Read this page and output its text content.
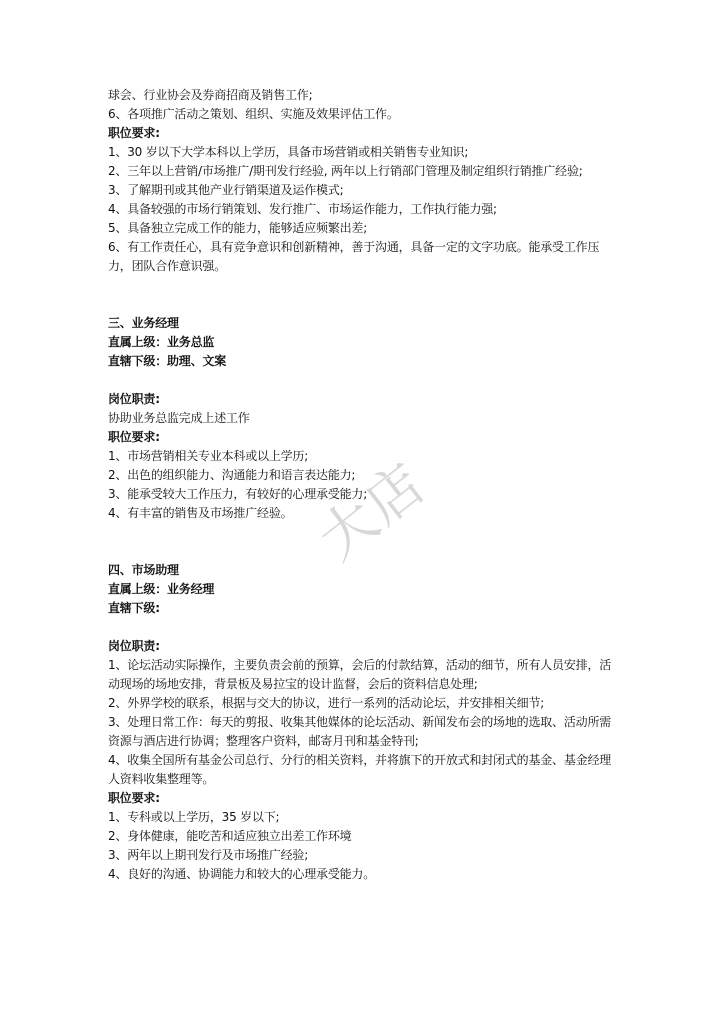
球会、行业协会及券商招商及销售工作;
6、各项推广活动之策划、组织、实施及效果评估工作。
职位要求:
1、30 岁以下大学本科以上学历，具备市场营销或相关销售专业知识;
2、三年以上营销/市场推广/期刊发行经验, 两年以上行销部门管理及制定组织行销推广经验;
3、了解期刊或其他产业行销渠道及运作模式;
4、具备较强的市场行销策划、发行推广、市场运作能力，工作执行能力强;
5、具备独立完成工作的能力，能够适应频繁出差;
6、有工作责任心，具有竞争意识和创新精神，善于沟通，具备一定的文字功底。能承受工作压力，团队合作意识强。
三、业务经理
直属上级：业务总监
直辖下级：助理、文案
岗位职责:
协助业务总监完成上述工作
职位要求:
1、市场营销相关专业本科或以上学历;
2、出色的组织能力、沟通能力和语言表达能力;
3、能承受较大工作压力，有较好的心理承受能力;
4、有丰富的销售及市场推广经验。
四、市场助理
直属上级：业务经理
直辖下级:
岗位职责:
1、论坛活动实际操作，主要负责会前的预算，会后的付款结算，活动的细节，所有人员安排，活动现场的场地安排，背景板及易拉宝的设计监督，会后的资料信息处理;
2、外界学校的联系，根据与交大的协议，进行一系列的活动论坛，并安排相关细节;
3、处理日常工作：每天的剪报、收集其他媒体的论坛活动、新闻发布会的场地的选取、活动所需资源与酒店进行协调；整理客户资料，邮寄月刊和基金特刊;
4、收集全国所有基金公司总行、分行的相关资料，并将旗下的开放式和封闭式的基金、基金经理人资料收集整理等。
职位要求:
1、专科或以上学历，35 岁以下;
2、身体健康，能吃苦和适应独立出差工作环境
3、两年以上期刊发行及市场推广经验;
4、良好的沟通、协调能力和较大的心理承受能力。
大店
